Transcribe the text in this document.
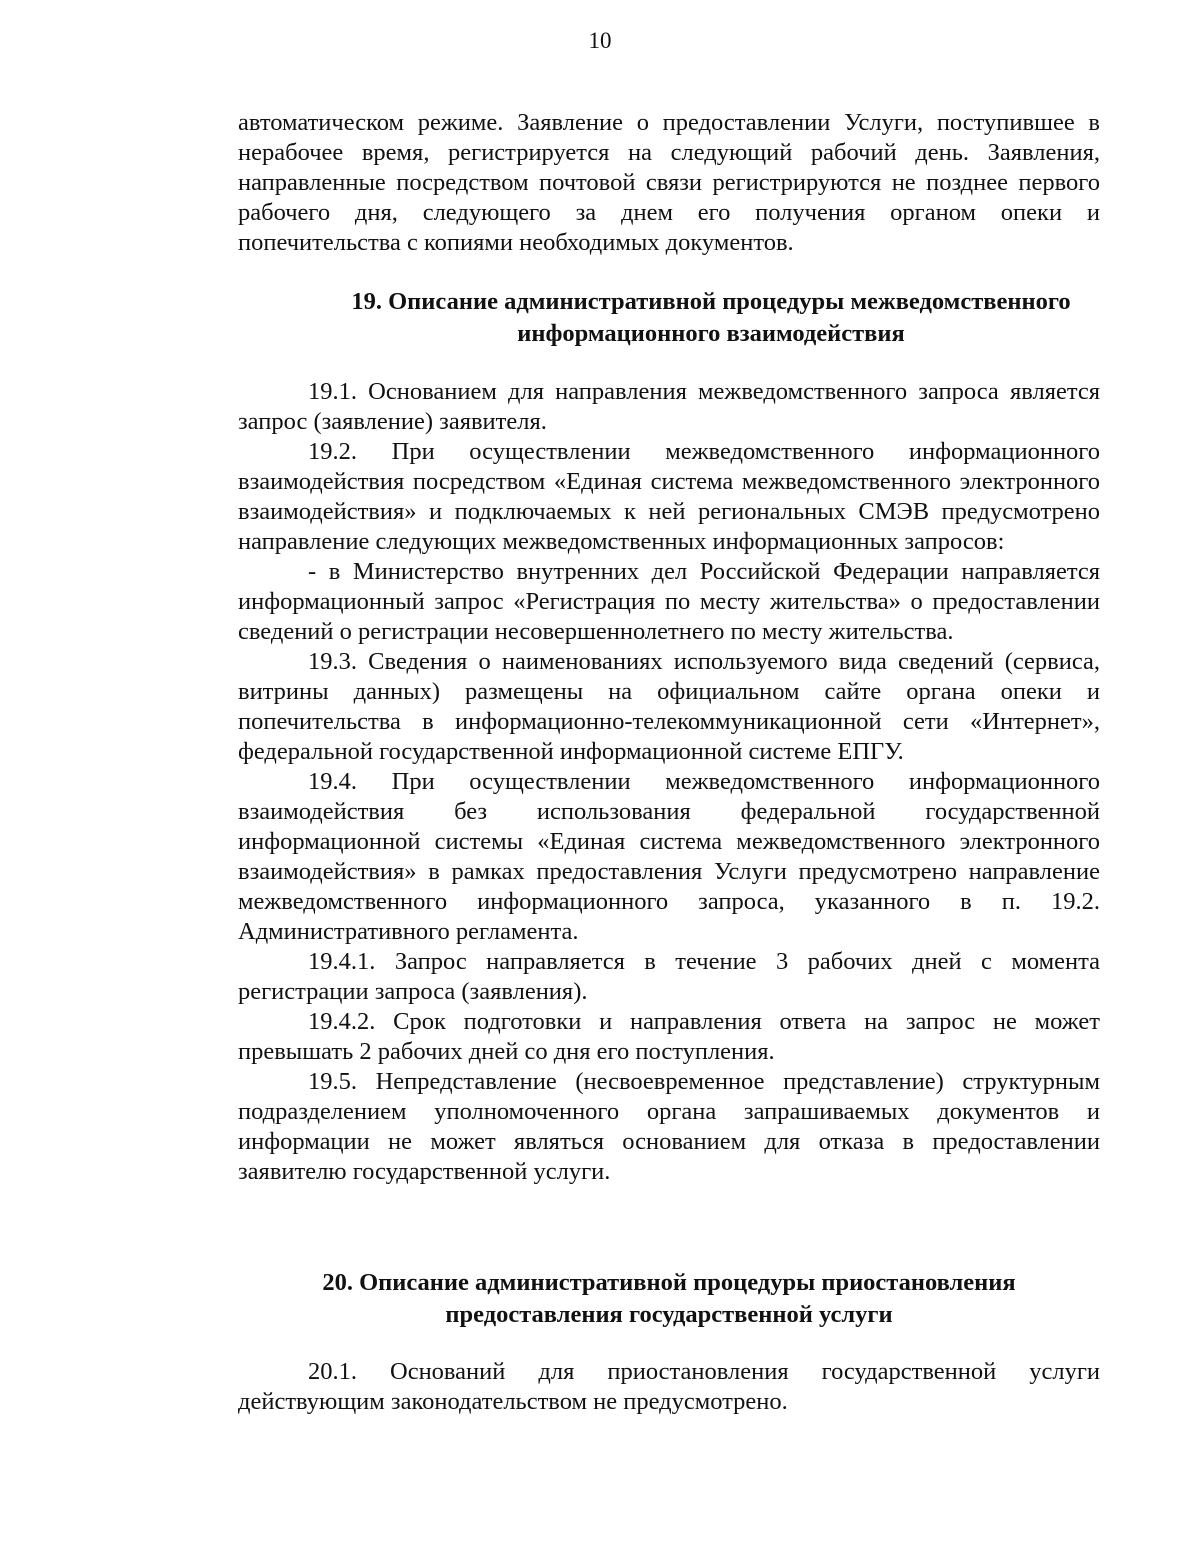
10

автоматическом режиме. Заявление о предоставлении Услуги, поступившее в нерабочее время, регистрируется на следующий рабочий день. Заявления, направленные посредством почтовой связи регистрируются не позднее первого рабочего дня, следующего за днем его получения органом опеки и попечительства с копиями необходимых документов.

19. Описание административной процедуры межведомственного
информационного взаимодействия

19.1. Основанием для направления межведомственного запроса является запрос (заявление) заявителя.

19.2. При осуществлении межведомственного информационного взаимодействия посредством «Единая система межведомственного электронного взаимодействия» и подключаемых к ней региональных СМЭВ предусмотрено направление следующих межведомственных информационных запросов:

- в Министерство внутренних дел Российской Федерации направляется информационный запрос «Регистрация по месту жительства» о предоставлении сведений о регистрации несовершеннолетнего по месту жительства.

19.3. Сведения о наименованиях используемого вида сведений (сервиса, витрины данных) размещены на официальном сайте органа опеки и попечительства в информационно-телекоммуникационной сети «Интернет», федеральной государственной информационной системе ЕПГУ.

19.4. При осуществлении межведомственного информационного взаимодействия без использования федеральной государственной информационной системы «Единая система межведомственного электронного взаимодействия» в рамках предоставления Услуги предусмотрено направление межведомственного информационного запроса, указанного в п. 19.2. Административного регламента.

19.4.1. Запрос направляется в течение 3 рабочих дней с момента регистрации запроса (заявления).

19.4.2. Срок подготовки и направления ответа на запрос не может превышать 2 рабочих дней со дня его поступления.

19.5. Непредставление (несвоевременное представление) структурным подразделением уполномоченного органа запрашиваемых документов и информации не может являться основанием для отказа в предоставлении заявителю государственной услуги.

20. Описание административной процедуры приостановления
предоставления государственной услуги

20.1. Оснований для приостановления государственной услуги действующим законодательством не предусмотрено.
